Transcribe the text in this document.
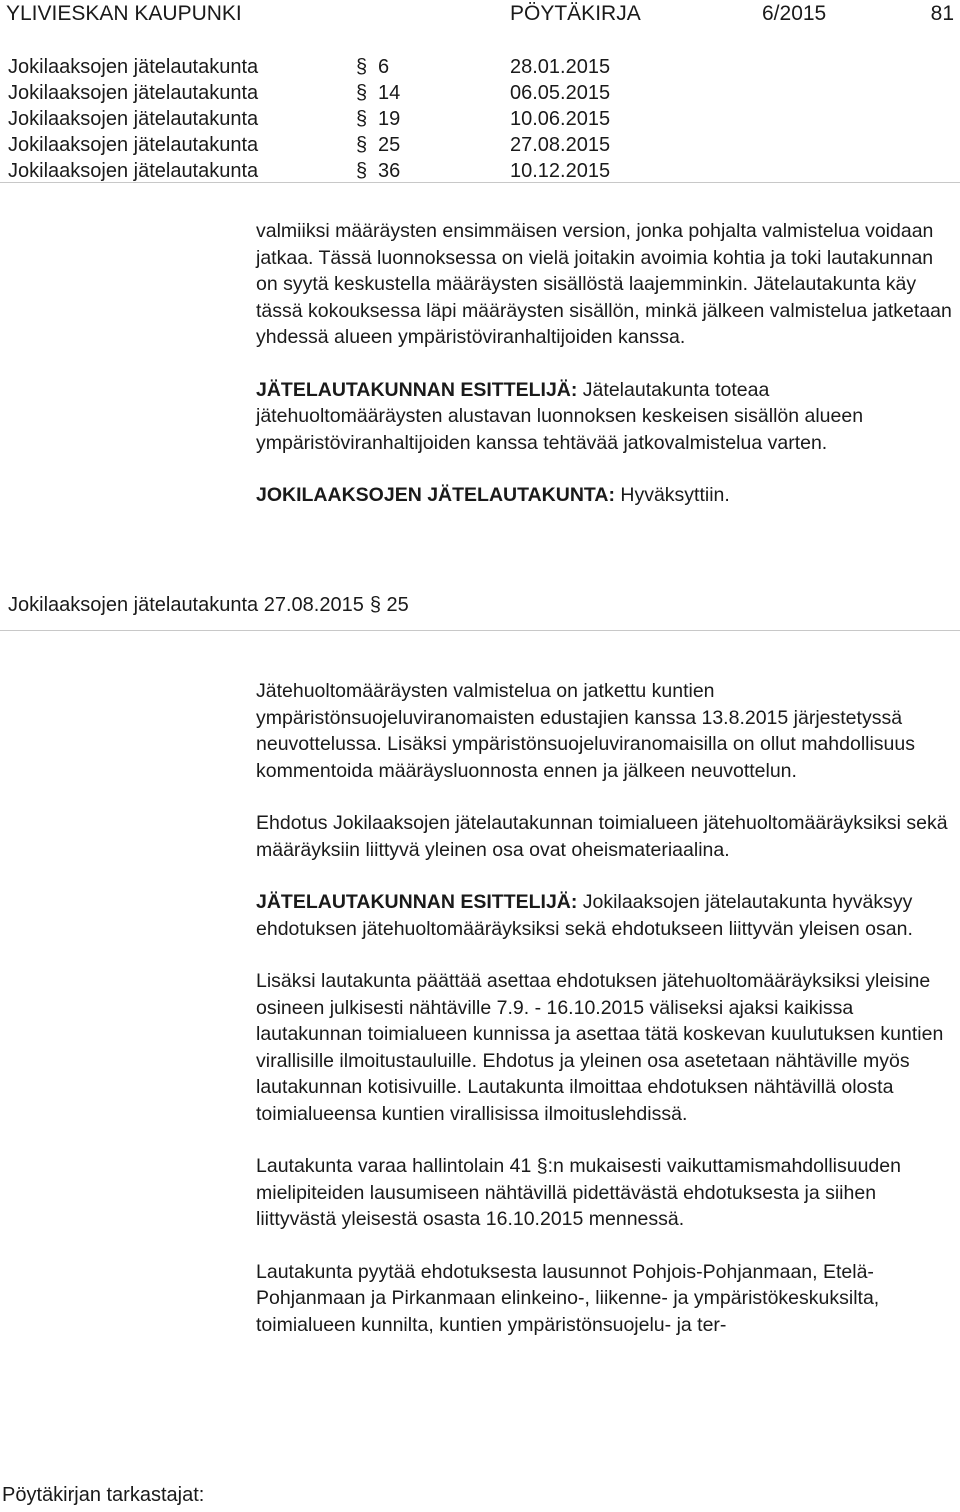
YLIVIESKAN KAUPUNKI	PÖYTÄKIRJA	6/2015	81
Jokilaaksojen jätelautakunta	§ 6	28.01.2015
Jokilaaksojen jätelautakunta	§ 14	06.05.2015
Jokilaaksojen jätelautakunta	§ 19	10.06.2015
Jokilaaksojen jätelautakunta	§ 25	27.08.2015
Jokilaaksojen jätelautakunta	§ 36	10.12.2015

valmiiksi määräysten ensimmäisen version, jonka pohjalta valmistelua voidaan jatkaa. Tässä luonnoksessa on vielä joitakin avoimia kohtia ja toki lautakunnan on syytä keskustella määräysten sisällöstä laajemminkin. Jätelautakunta käy tässä kokouksessa läpi määräysten sisällön, minkä jälkeen valmistelua jatketaan yhdessä alueen ympäristöviranhaltijoiden kanssa.

JÄTELAUTAKUNNAN ESITTELIJÄ: Jätelautakunta toteaa jätehuoltomääräysten alustavan luonnoksen keskeisen sisällön alueen ympäristöviranhaltijoiden kanssa tehtävää jatkovalmistelua varten.

JOKILAAKSOJEN JÄTELAUTAKUNTA: Hyväksyttiin.

Jokilaaksojen jätelautakunta 27.08.2015 § 25

Jätehuoltomääräysten valmistelua on jatkettu kuntien ympäristönsuojeluviranomaisten edustajien kanssa 13.8.2015 järjestetyssä neuvottelussa. Lisäksi ympäristönsuojeluviranomaisilla on ollut mahdollisuus kommentoida määräysluonnosta ennen ja jälkeen neuvottelun.

Ehdotus Jokilaaksojen jätelautakunnan toimialueen jätehuoltomääräyksiksi sekä määräyksiin liittyvä yleinen osa ovat oheismateriaalina.

JÄTELAUTAKUNNAN ESITTELIJÄ: Jokilaaksojen jätelautakunta hyväksyy ehdotuksen jätehuoltomääräyksiksi sekä ehdotukseen liittyvän yleisen osan.

Lisäksi lautakunta päättää asettaa ehdotuksen jätehuoltomääräyksiksi yleisine osineen julkisesti nähtäville 7.9. - 16.10.2015 väliseksi ajaksi kaikissa lautakunnan toimialueen kunnissa ja asettaa tätä koskevan kuulutuksen kuntien virallisille ilmoitustauluille. Ehdotus ja yleinen osa asetetaan nähtäville myös lautakunnan kotisivuille. Lautakunta ilmoittaa ehdotuksen nähtävillä olosta toimialueensa kuntien virallisissa ilmoituslehdissä.

Lautakunta varaa hallintolain 41 §:n mukaisesti vaikuttamismahdollisuuden mielipiteiden lausumiseen nähtävillä pidettävästä ehdotuksesta ja siihen liittyvästä yleisestä osasta 16.10.2015 mennessä.

Lautakunta pyytää ehdotuksesta lausunnot Pohjois-Pohjanmaan, Etelä-Pohjanmaan ja Pirkanmaan elinkeino-, liikenne- ja ympäristökeskuksilta, toimialueen kunnilta, kuntien ympäristönsuojelu- ja ter-

Pöytäkirjan tarkastajat:
